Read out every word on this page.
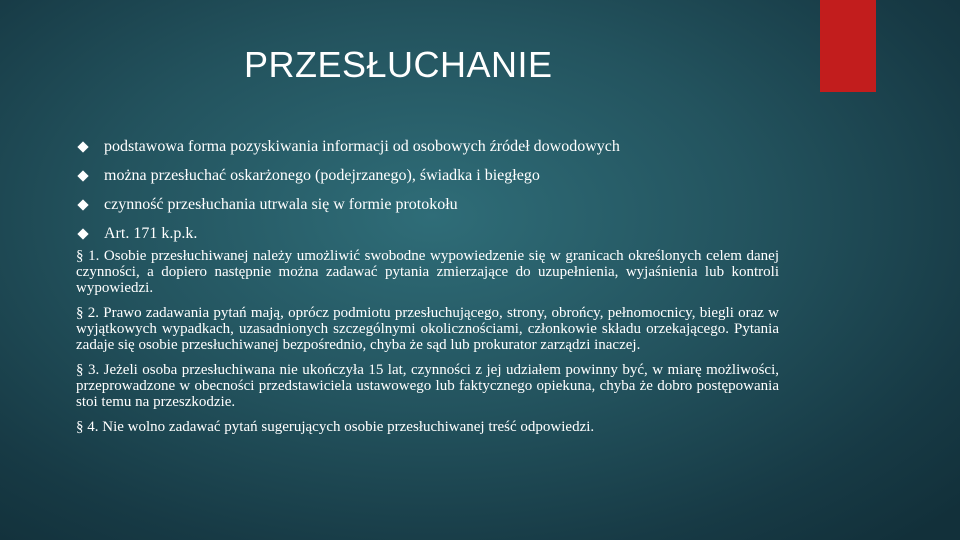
PRZESŁUCHANIE
podstawowa forma pozyskiwania informacji od osobowych źródeł dowodowych
można przesłuchać oskarżonego (podejrzanego), świadka i biegłego
czynność przesłuchania utrwala się w formie protokołu
Art. 171 k.p.k.

§ 1. Osobie przesłuchiwanej należy umożliwić swobodne wypowiedzenie się w granicach określonych celem danej czynności, a dopiero następnie można zadawać pytania zmierzające do uzupełnienia, wyjaśnienia lub kontroli wypowiedzi.

§ 2. Prawo zadawania pytań mają, oprócz podmiotu przesłuchującego, strony, obrońcy, pełnomocnicy, biegli oraz w wyjątkowych wypadkach, uzasadnionych szczególnymi okolicznościami, członkowie składu orzekającego. Pytania zadaje się osobie przesłuchiwanej bezpośrednio, chyba że sąd lub prokurator zarządzi inaczej.

§ 3. Jeżeli osoba przesłuchiwana nie ukończyła 15 lat, czynności z jej udziałem powinny być, w miarę możliwości, przeprowadzone w obecności przedstawiciela ustawowego lub faktycznego opiekuna, chyba że dobro postępowania stoi temu na przeszkodzie.

§ 4. Nie wolno zadawać pytań sugerujących osobie przesłuchiwanej treść odpowiedzi.
